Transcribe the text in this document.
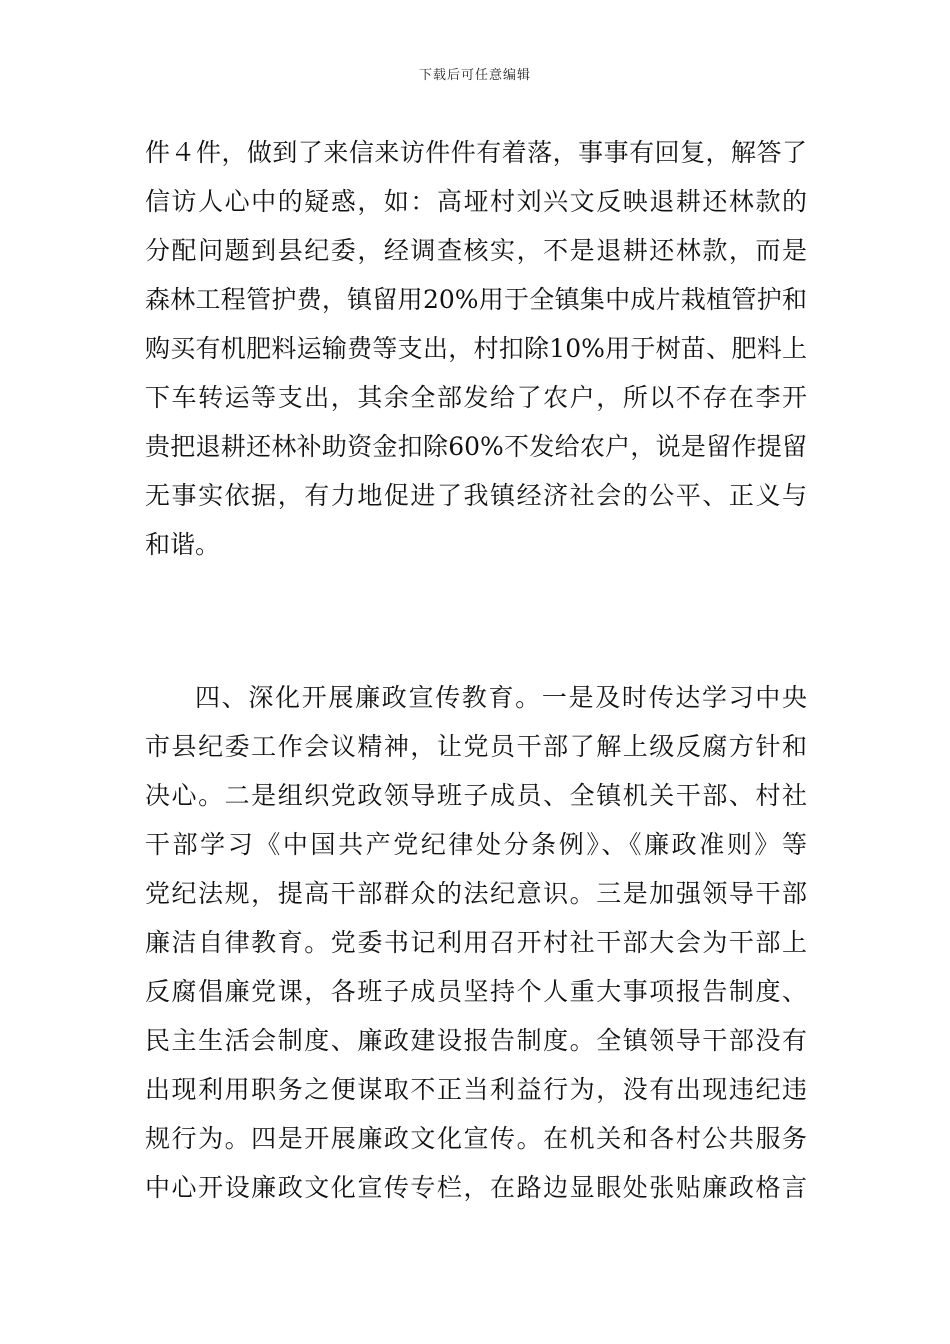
下载后可任意编辑
件４件，做到了来信来访件件有着落，事事有回复，解答了
信访人心中的疑惑，如：高垭村刘兴文反映退耕还林款的
分配问题到县纪委，经调查核实，不是退耕还林款，而是
森林工程管护费，镇留用20%用于全镇集中成片栽植管护和
购买有机肥料运输费等支出，村扣除10%用于树苗、肥料上
下车转运等支出，其余全部发给了农户，所以不存在李开
贵把退耕还林补助资金扣除60%不发给农户，说是留作提留
无事实依据，有力地促进了我镇经济社会的公平、正义与
和谐。
四、深化开展廉政宣传教育。一是及时传达学习中央
市县纪委工作会议精神，让党员干部了解上级反腐方针和
决心。二是组织党政领导班子成员、全镇机关干部、村社
干部学习《中国共产党纪律处分条例》、《廉政准则》等
党纪法规，提高干部群众的法纪意识。三是加强领导干部
廉洁自律教育。党委书记利用召开村社干部大会为干部上
反腐倡廉党课，各班子成员坚持个人重大事项报告制度、
民主生活会制度、廉政建设报告制度。全镇领导干部没有
出现利用职务之便谋取不正当利益行为，没有出现违纪违
规行为。四是开展廉政文化宣传。在机关和各村公共服务
中心开设廉政文化宣传专栏，在路边显眼处张贴廉政格言
